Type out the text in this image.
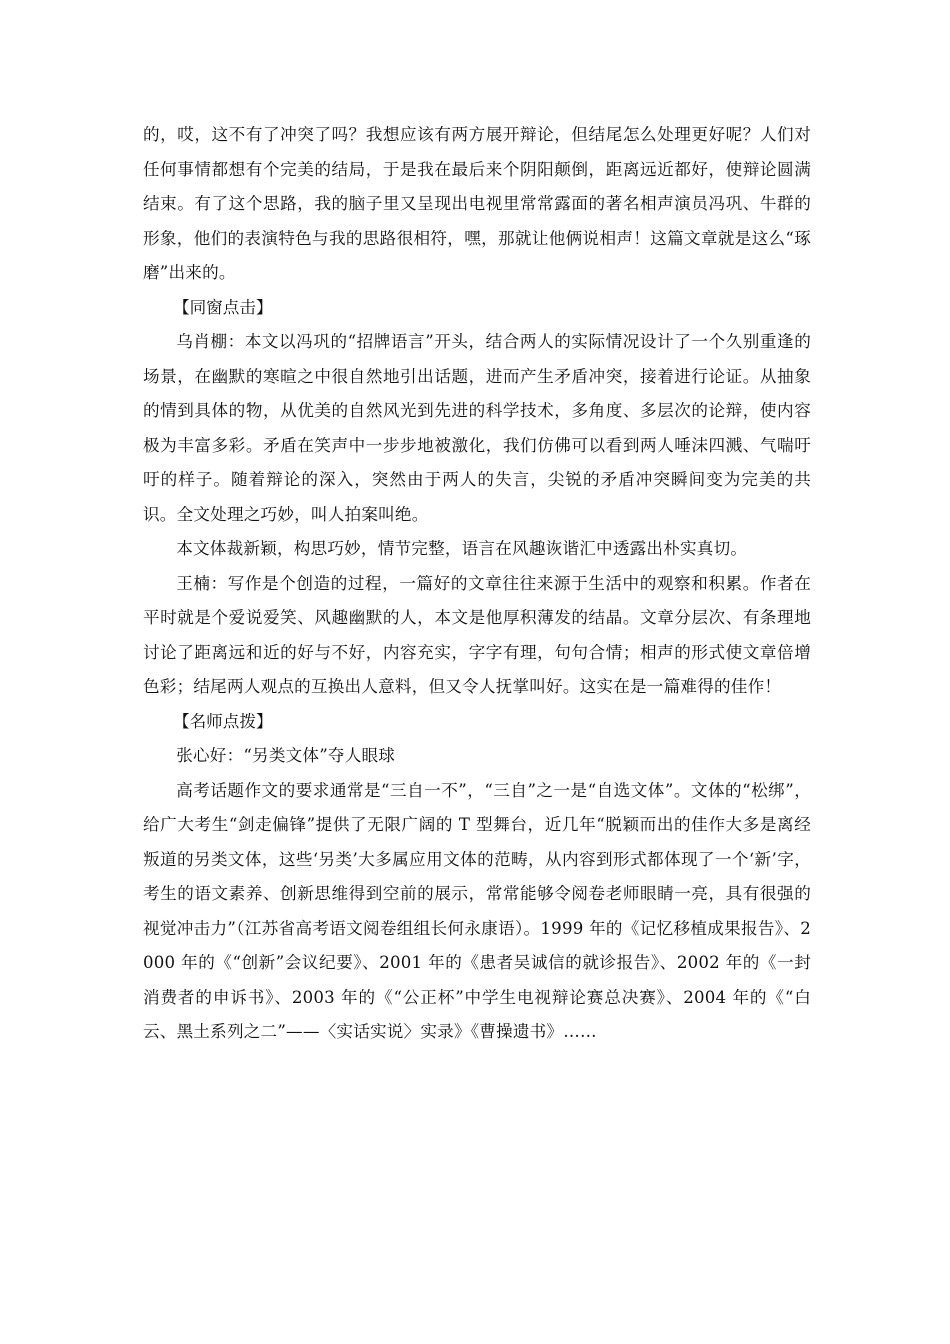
的，哎，这不有了冲突了吗？我想应该有两方展开辩论，但结尾怎么处理更好呢？人们对任何事情都想有个完美的结局，于是我在最后来个阴阳颠倒，距离远近都好，使辩论圆满结束。有了这个思路，我的脑子里又呈现出电视里常常露面的著名相声演员冯巩、牛群的形象，他们的表演特色与我的思路很相符，嘿，那就让他俩说相声！这篇文章就是这么“琢磨”出来的。

【同窗点击】

乌肖棚：本文以冯巩的“招牌语言”开头，结合两人的实际情况设计了一个久别重逢的场景，在幽默的寒暄之中很自然地引出话题，进而产生矛盾冲突，接着进行论证。从抽象的情到具体的物，从优美的自然风光到先进的科学技术，多角度、多层次的论辩，使内容极为丰富多彩。矛盾在笑声中一步步地被激化，我们仿佛可以看到两人唾沫四溅、气喘吁吁的样子。随着辩论的深入，突然由于两人的失言，尖锐的矛盾冲突瞬间变为完美的共识。全文处理之巧妙，叫人拍案叫绝。

本文体裁新颖，构思巧妙，情节完整，语言在风趣诙谐汇中透露出朴实真切。

王楠：写作是个创造的过程，一篇好的文章往往来源于生活中的观察和积累。作者在平时就是个爱说爱笑、风趣幽默的人，本文是他厚积薄发的结晶。文章分层次、有条理地讨论了距离远和近的好与不好，内容充实，字字有理，句句合情；相声的形式使文章倍增色彩；结尾两人观点的互换出人意料，但又令人抚掌叫好。这实在是一篇难得的佳作！

【名师点拨】

张心好：“另类文体”夺人眼球

高考话题作文的要求通常是“三自一不”，“三自”之一是“自选文体”。文体的“松绑”，给广大考生“剑走偏锋”提供了无限广阔的 T 型舞台，近几年“脱颖而出的佳作大多是离经叛道的另类文体，这些‘另类’大多属应用文体的范畴，从内容到形式都体现了一个‘新’字，考生的语文素养、创新思维得到空前的展示，常常能够令阅卷老师眼睛一亮，具有很强的视觉冲击力”（江苏省高考语文阅卷组组长何永康语）。1999 年的《记忆移植成果报告》、2000 年的《“创新”会议纪要》、2001 年的《患者吴诚信的就诊报告》、2002 年的《一封消费者的申诉书》、2003 年的《“公正杯”中学生电视辩论赛总决赛》、2004 年的《“白云、黑土系列之二”——〈实话实说〉实录》《曹操遗书》……
